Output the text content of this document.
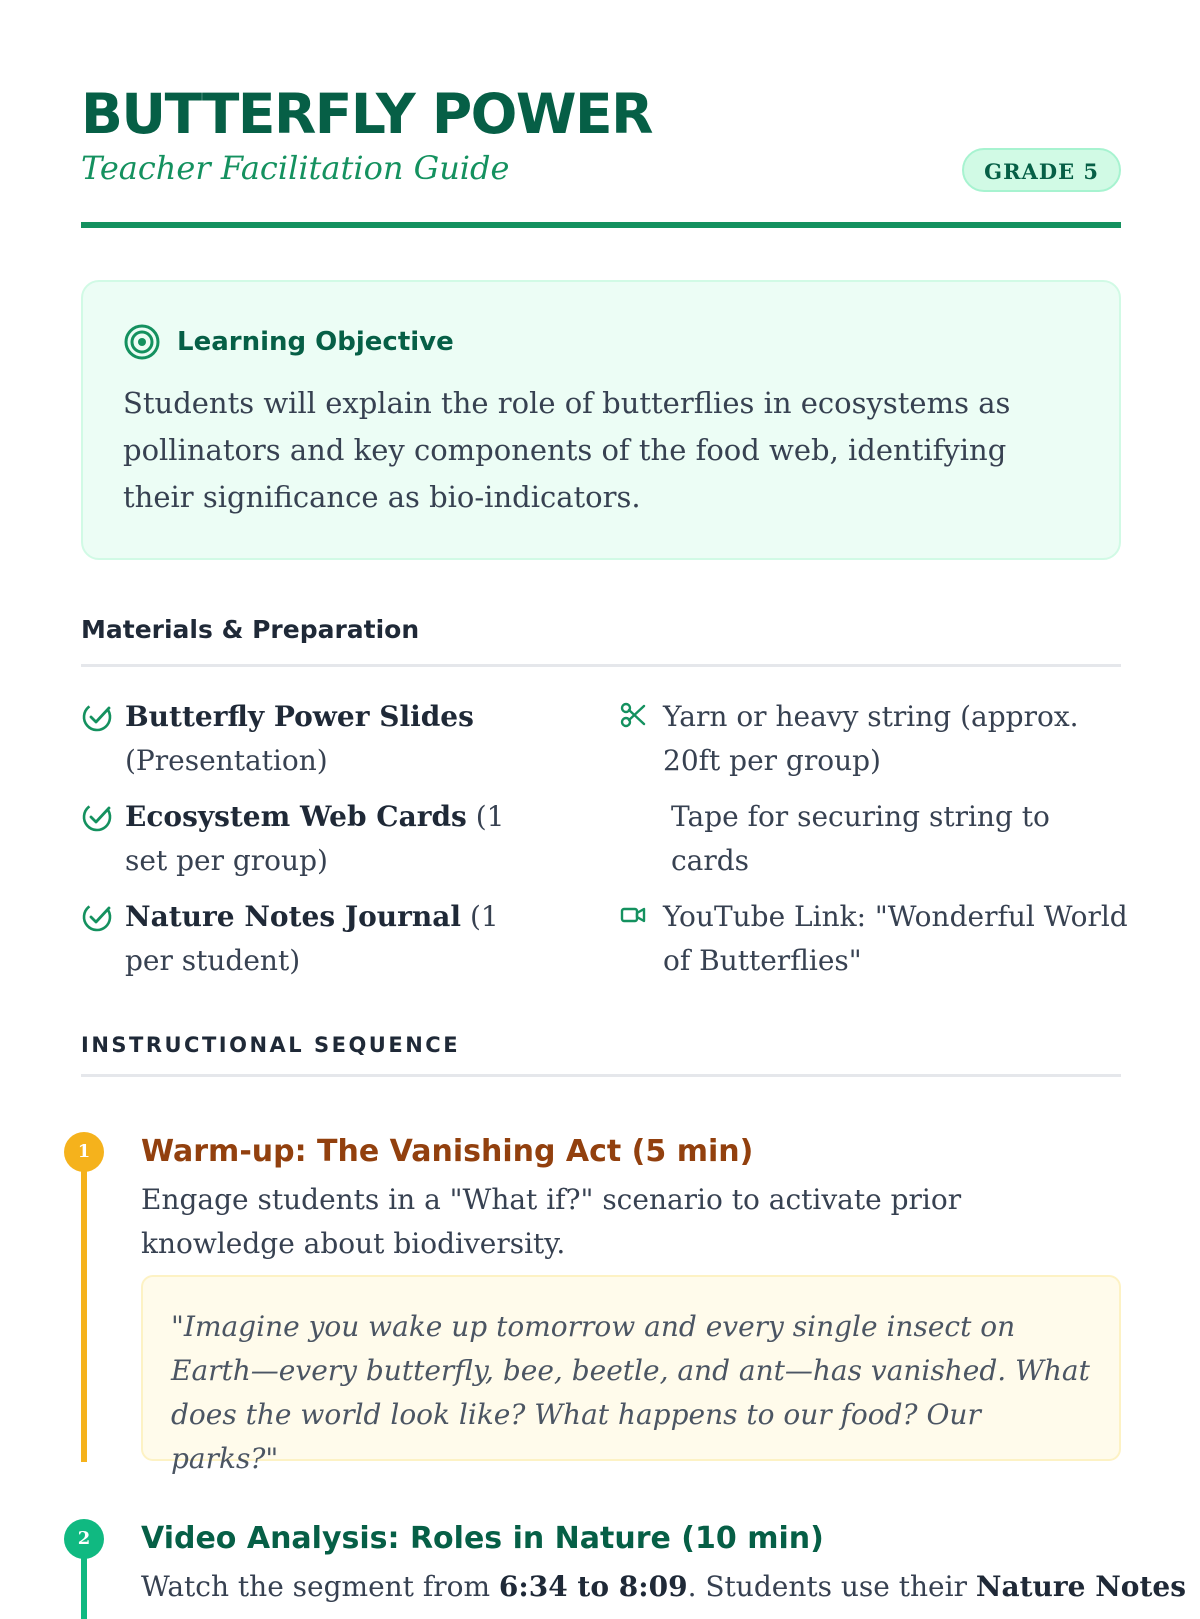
BUTTERFLY POWER
Teacher Facilitation Guide	GRADE 5
Learning Objective
Students will explain the role of butterflies in ecosystems as pollinators and key components of the food web, identifying their significance as bio-indicators.
Materials & Preparation
Butterfly Power Slides
(Presentation)
Ecosystem Web Cards (1 set per group)
Nature Notes Journal (1 per student)
Yarn or heavy string (approx. 20ft per group)
Tape for securing string to cards
YouTube Link: "Wonderful World of Butterflies"
INSTRUCTIONAL SEQUENCE
1	Warm-up: The Vanishing Act (5 min)
Engage students in a "What if?" scenario to activate prior knowledge about biodiversity.
"Imagine you wake up tomorrow and every single insect on Earth—every butterfly, bee, beetle, and ant—has vanished. What does the world look like? What happens to our food? Our parks?"
2	Video Analysis: Roles in Nature (10 min)
Watch the segment from 6:34 to 8:09. Students use their Nature Notes
